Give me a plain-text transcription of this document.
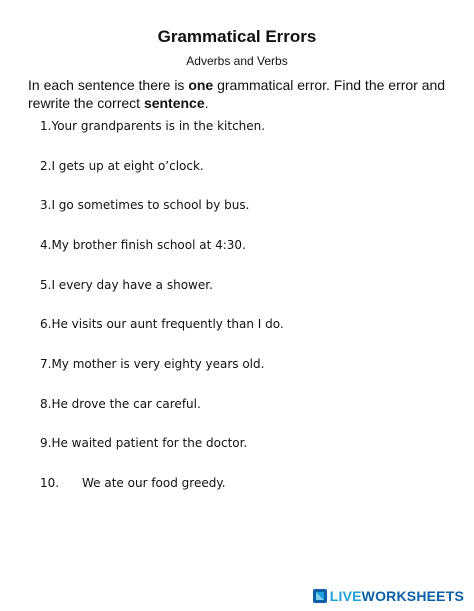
Grammatical Errors
Adverbs and Verbs
In each sentence there is one grammatical error. Find the error and rewrite the correct sentence.
1.Your grandparents is in the kitchen.
2.I gets up at eight o’clock.
3.I go sometimes to school by bus.
4.My brother finish school at 4:30.
5.I every day have a shower.
6.He visits our aunt frequently than I do.
7.My mother is very eighty years old.
8.He drove the car careful.
9.He waited patient for the doctor.
10. We ate our food greedy.
LIVEWORKSHEETS
